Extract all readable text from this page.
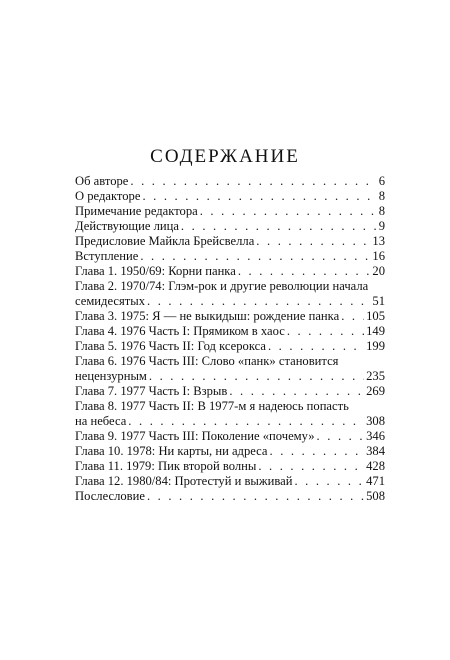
СОДЕРЖАНИЕ
Об авторе . . .	6
О редакторе . . .	8
Примечание редактора . . .	8
Действующие лица . . .	9
Предисловие Майкла Брейсвелла . . .	13
Вступление . . .	16
Глава 1. 1950/69: Корни панка . . .	20
Глава 2. 1970/74: Глэм-рок и другие революции начала
семидесятых . . .	51
Глава 3. 1975: Я — не выкидыш: рождение панка . . . 105
Глава 4. 1976 Часть I: Прямиком в хаос . . .	149
Глава 5. 1976 Часть II: Год ксерокса . . .	199
Глава 6. 1976 Часть III: Слово «панк» становится
нецензурным . . .	235
Глава 7. 1977 Часть I: Взрыв . . .	269
Глава 8. 1977 Часть II: В 1977-м я надеюсь попасть
на небеса . . .	308
Глава 9. 1977 Часть III: Поколение «почему» . . .	346
Глава 10. 1978: Ни карты, ни адреса . . .	384
Глава 11. 1979: Пик второй волны . . .	428
Глава 12. 1980/84: Протестуй и выживай . . .	471
Послесловие . . .	508
